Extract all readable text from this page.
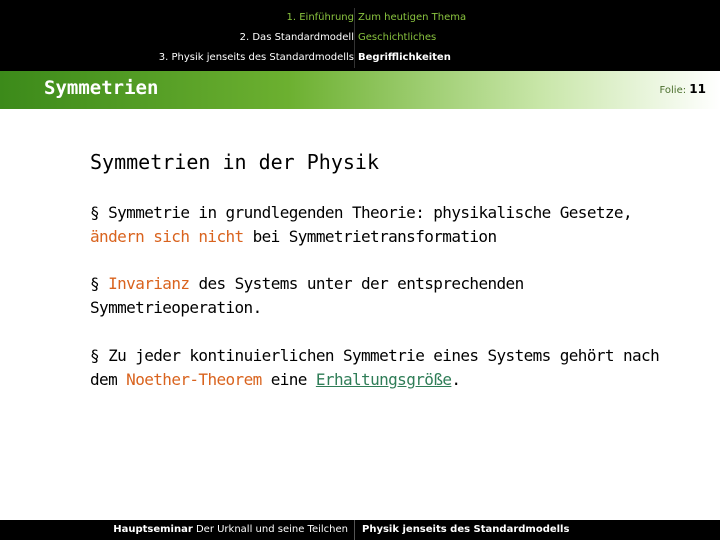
1. Einführung
2. Das Standardmodell
3. Physik jenseits des Standardmodells
Zum heutigen Thema
Geschichtliches
Begrifflichkeiten
Symmetrien	Folie: 11
Symmetrien in der Physik
§ Symmetrie in grundlegenden Theorie: physikalische Gesetze, ändern sich nicht bei Symmetrietransformation
§ Invarianz des Systems unter der entsprechenden Symmetrieoperation.
§ Zu jeder kontinuierlichen Symmetrie eines Systems gehört nach dem Noether-Theorem eine Erhaltungsgröße.
Hauptseminar Der Urknall und seine Teilchen Physik jenseits des Standardmodells
